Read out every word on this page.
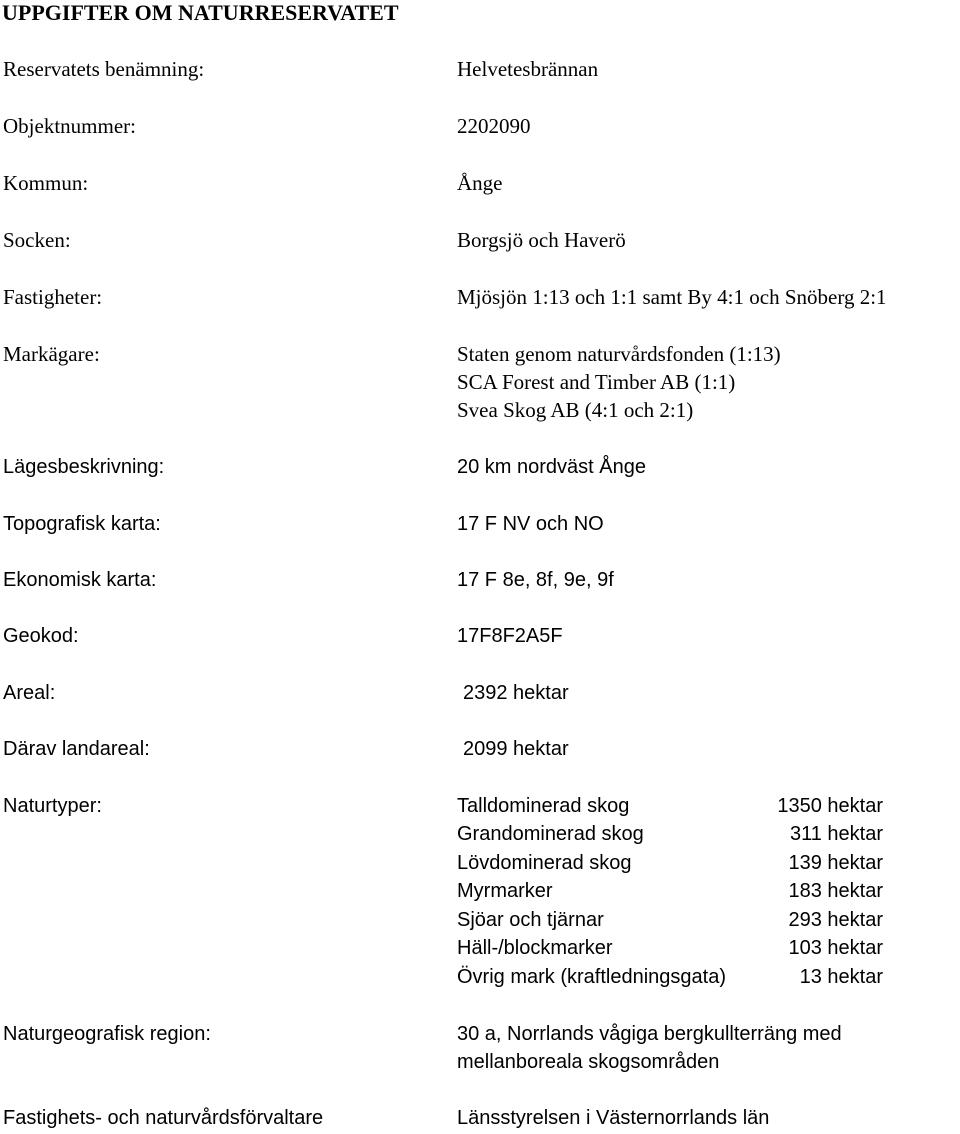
UPPGIFTER OM NATURRESERVATET
Reservatets benämning:	Helvetesbrännan
Objektnummer:	2202090
Kommun:	Ånge
Socken:	Borgsjö och Haverö
Fastigheter:	Mjösjön 1:13 och 1:1 samt By 4:1 och Snöberg 2:1
Markägare:	Staten genom naturvårdsfonden (1:13)
SCA Forest and Timber AB (1:1)
Svea Skog AB (4:1 och 2:1)
Lägesbeskrivning:	20 km nordväst Ånge
Topografisk karta:	17 F NV och NO
Ekonomisk karta:	17 F 8e, 8f, 9e, 9f
Geokod:	17F8F2A5F
Areal:	2392 hektar
Därav landareal:	2099 hektar
Naturtyper:	Talldominerad skog	1350 hektar
Grandominerad skog	311 hektar
Lövdominerad skog	139 hektar
Myrmarker	183 hektar
Sjöar och tjärnar	293 hektar
Häll-/blockmarker	103 hektar
Övrig mark (kraftledningsgata)	13 hektar
Naturgeografisk region:	30 a, Norrlands vågiga bergkullterräng med
mellanboreala skogsområden
Fastighets- och naturvårdsförvaltare	Länsstyrelsen i Västernorrlands län
